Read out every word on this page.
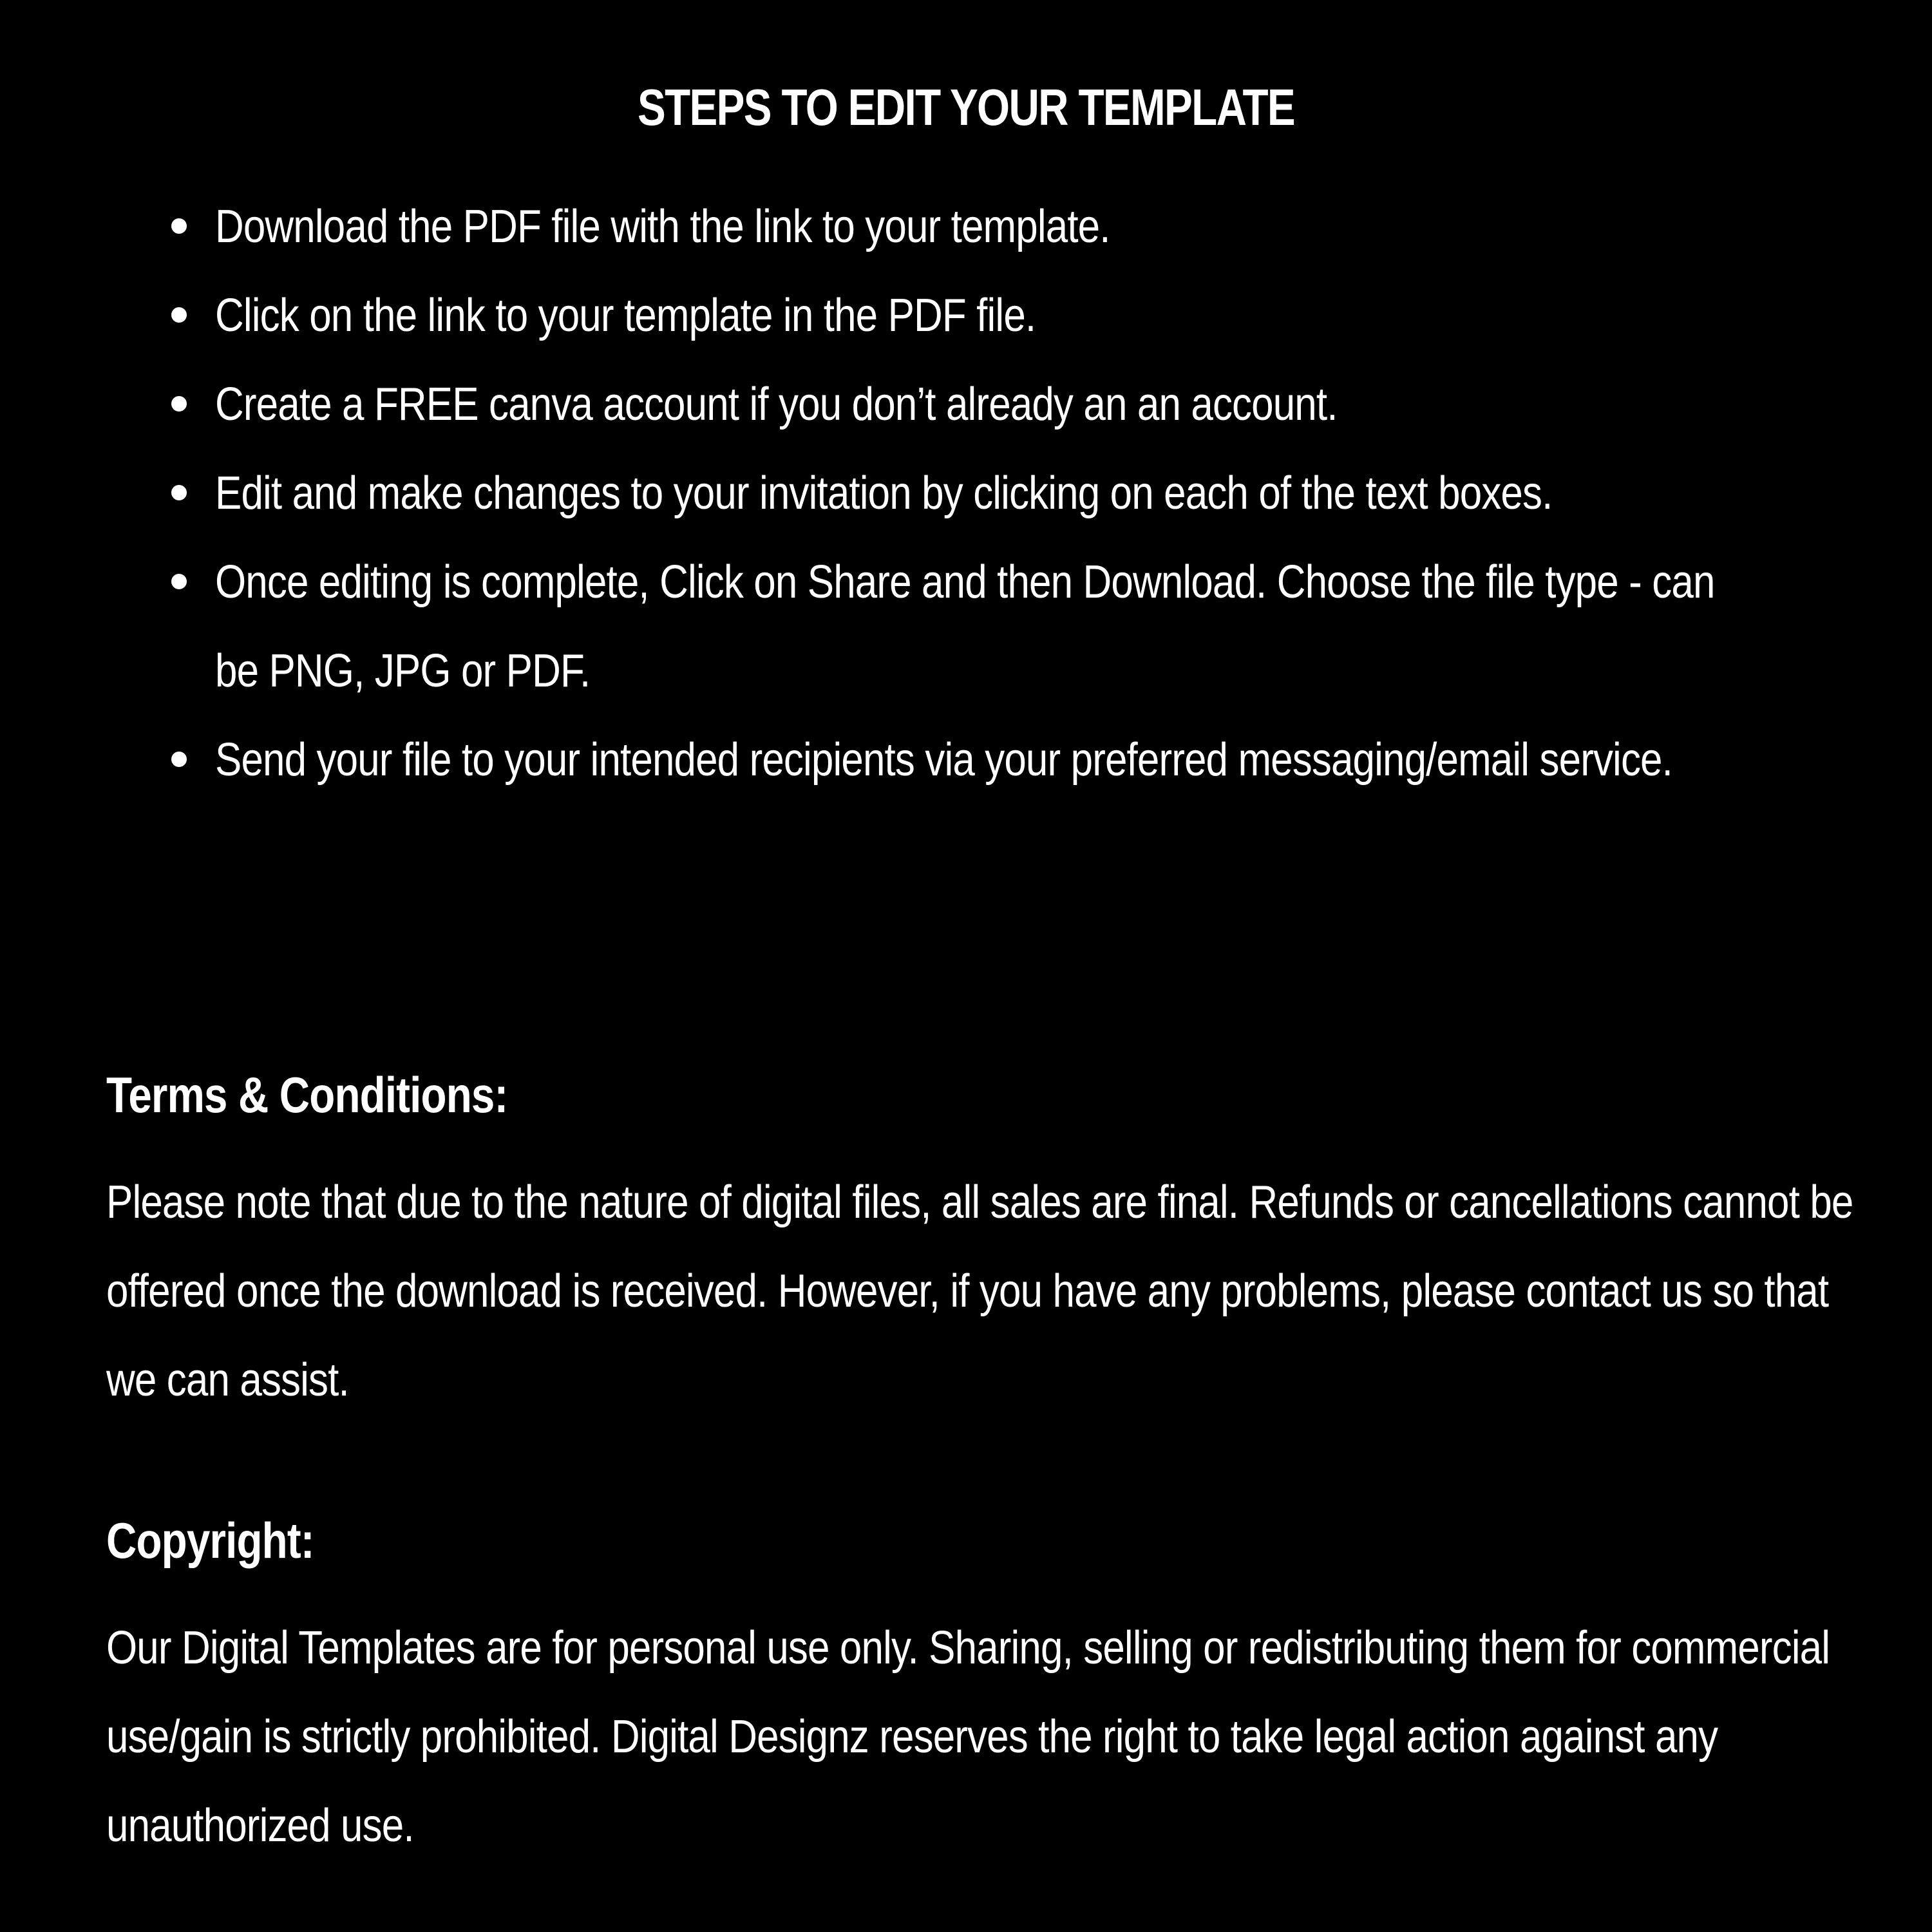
STEPS TO EDIT YOUR TEMPLATE
Download the PDF file with the link to your template.
Click on the link to your template in the PDF file.
Create a FREE canva account if you don’t already an an account.
Edit and make changes to your invitation by clicking on each of the text boxes.
Once editing is complete, Click on Share and then Download. Choose the file type - can be PNG, JPG or PDF.
Send your file to your intended recipients via your preferred messaging/email service.
Terms & Conditions:

Please note that due to the nature of digital files, all sales are final. Refunds or cancellations cannot be offered once the download is received. However, if you have any problems, please contact us so that we can assist.

Copyright:

Our Digital Templates are for personal use only. Sharing, selling or redistributing them for commercial use/gain is strictly prohibited. Digital Designz reserves the right to take legal action against any unauthorized use.
